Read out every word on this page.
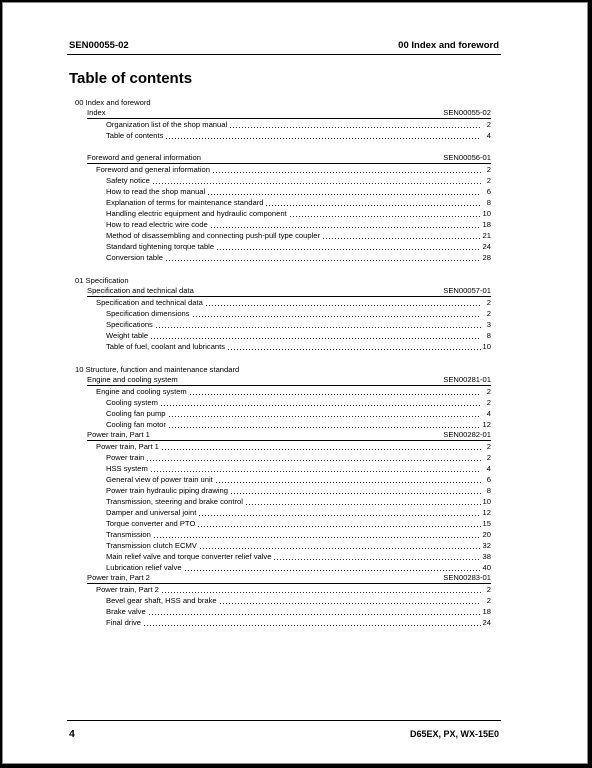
SEN00055-02	00 Index and foreword
Table of contents
00 Index and foreword
Index	SEN00055-02
Organization list of the shop manual	2
Table of contents	4
Foreword and general information	SEN00056-01
Foreword and general information	2
Safety notice	2
How to read the shop manual	6
Explanation of terms for maintenance standard	8
Handling electric equipment and hydraulic component	10
How to read electric wire code	18
Method of disassembling and connecting push-pull type coupler	21
Standard tightening torque table	24
Conversion table	28
01 Specification
Specification and technical data	SEN00057-01
Specification and technical data	2
Specification dimensions	2
Specifications	3
Weight table	8
Table of fuel, coolant and lubricants	10
10 Structure, function and maintenance standard
Engine and cooling system	SEN00281-01
Engine and cooling system	2
Cooling system	2
Cooling fan pump	4
Cooling fan motor	12
Power train, Part 1	SEN00282-01
Power train, Part 1	2
Power train	2
HSS system	4
General view of power train unit	6
Power train hydraulic piping drawing	8
Transmission, steering and brake control	10
Damper and universal joint	12
Torque converter and PTO	15
Transmission	20
Transmission clutch ECMV	32
Main relief valve and torque converter relief valve	38
Lubrication relief valve	40
Power train, Part 2	SEN00283-01
Power train, Part 2	2
Bevel gear shaft, HSS and brake	2
Brake valve	18
Final drive	24
4	D65EX, PX, WX-15E0
